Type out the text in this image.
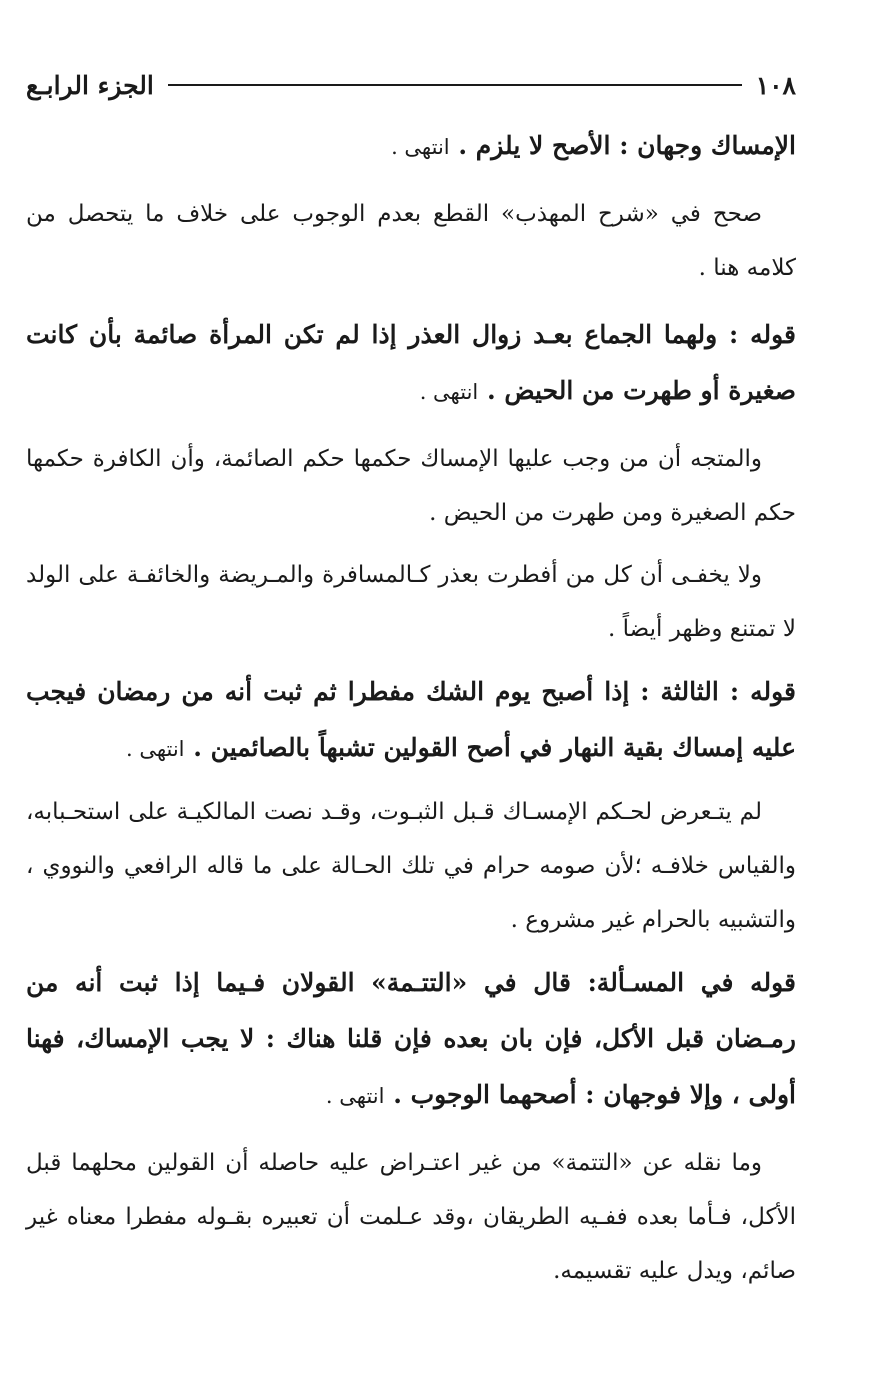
١٠٨
الجزء الرابـع

الإمساك وجهان : الأصح لا يلزم . انتهى .

صحح في «شرح المهذب» القطع بعدم الوجوب على خلاف ما يتحصل من كلامه هنا .

قوله : ولهما الجماع بعـد زوال العذر إذا لم تكن المرأة صائمة بأن كانت صغيرة أو طهرت من الحيض . انتهى .

والمتجه أن من وجب عليها الإمساك حكمها حكم الصائمة، وأن الكافرة حكمها حكم الصغيرة ومن طهرت من الحيض .

ولا يخفـى أن كل من أفطرت بعذر كـالمسافرة والمـريضة والخائفـة على الولد لا تمتنع وظهر أيضاً .

قوله : الثالثة : إذا أصبح يوم الشك مفطرا ثم ثبت أنه من رمضان فيجب عليه إمساك بقية النهار في أصح القولين تشبهاً بالصائمين . انتهى .

لم يتـعرض لحـكم الإمسـاك قـبل الثبـوت، وقـد نصت المالكيـة على استحـبابه، والقياس خلافـه ؛لأن صومه حرام في تلك الحـالة على ما قاله الرافعي والنووي ، والتشبيه بالحرام غير مشروع .

قوله في المسـألة: قال في «التتـمة» القولان فـيما إذا ثبت أنه من رمـضان قبل الأكل، فإن بان بعده فإن قلنا هناك : لا يجب الإمساك، فهنا أولى ، وإلا فوجهان : أصحهما الوجوب . انتهى .

وما نقله عن «التتمة» من غير اعتـراض عليه حاصله أن القولين محلهما قبل الأكل، فـأما بعده ففـيه الطريقان ،وقد عـلمت أن تعبيره بقـوله مفطرا معناه غير صائم، ويدل عليه تقسيمه.
